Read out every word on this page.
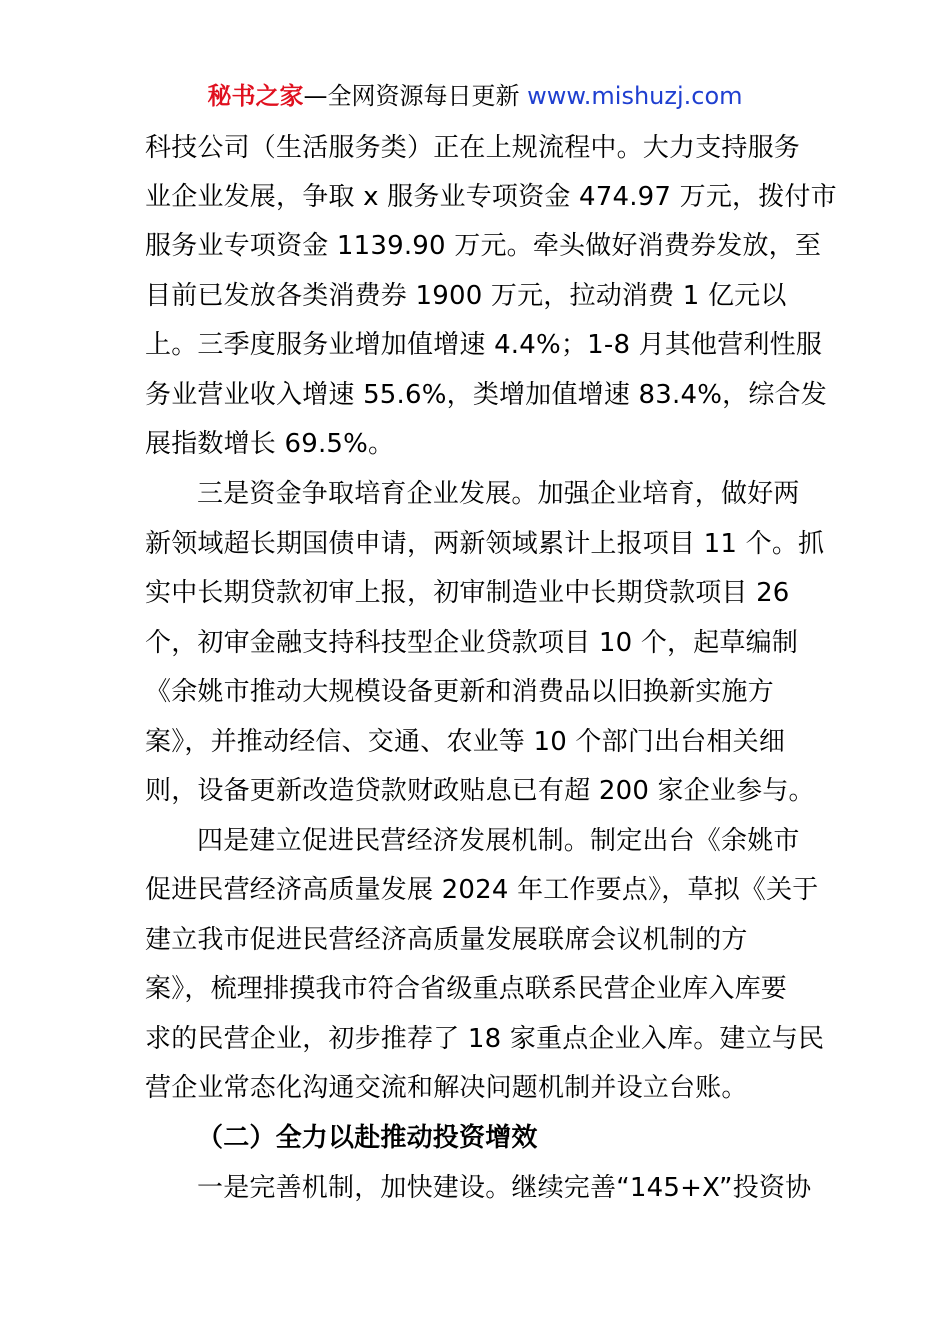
秘书之家—全网资源每日更新 www.mishuzj.com
科技公司（生活服务类）正在上规流程中。大力支持服务
业企业发展，争取 x 服务业专项资金 474.97 万元，拨付市
服务业专项资金 1139.90 万元。牵头做好消费券发放，至
目前已发放各类消费券 1900 万元，拉动消费 1 亿元以
上。三季度服务业增加值增速 4.4%；1-8 月其他营利性服
务业营业收入增速 55.6%，类增加值增速 83.4%，综合发
展指数增长 69.5%。
三是资金争取培育企业发展。加强企业培育，做好两
新领域超长期国债申请，两新领域累计上报项目 11 个。抓
实中长期贷款初审上报，初审制造业中长期贷款项目 26
个，初审金融支持科技型企业贷款项目 10 个，起草编制
《余姚市推动大规模设备更新和消费品以旧换新实施方
案》，并推动经信、交通、农业等 10 个部门出台相关细
则，设备更新改造贷款财政贴息已有超 200 家企业参与。
四是建立促进民营经济发展机制。制定出台《余姚市
促进民营经济高质量发展 2024 年工作要点》，草拟《关于
建立我市促进民营经济高质量发展联席会议机制的方
案》，梳理排摸我市符合省级重点联系民营企业库入库要
求的民营企业，初步推荐了 18 家重点企业入库。建立与民
营企业常态化沟通交流和解决问题机制并设立台账。
（二）全力以赴推动投资增效
一是完善机制，加快建设。继续完善“145+X”投资协
